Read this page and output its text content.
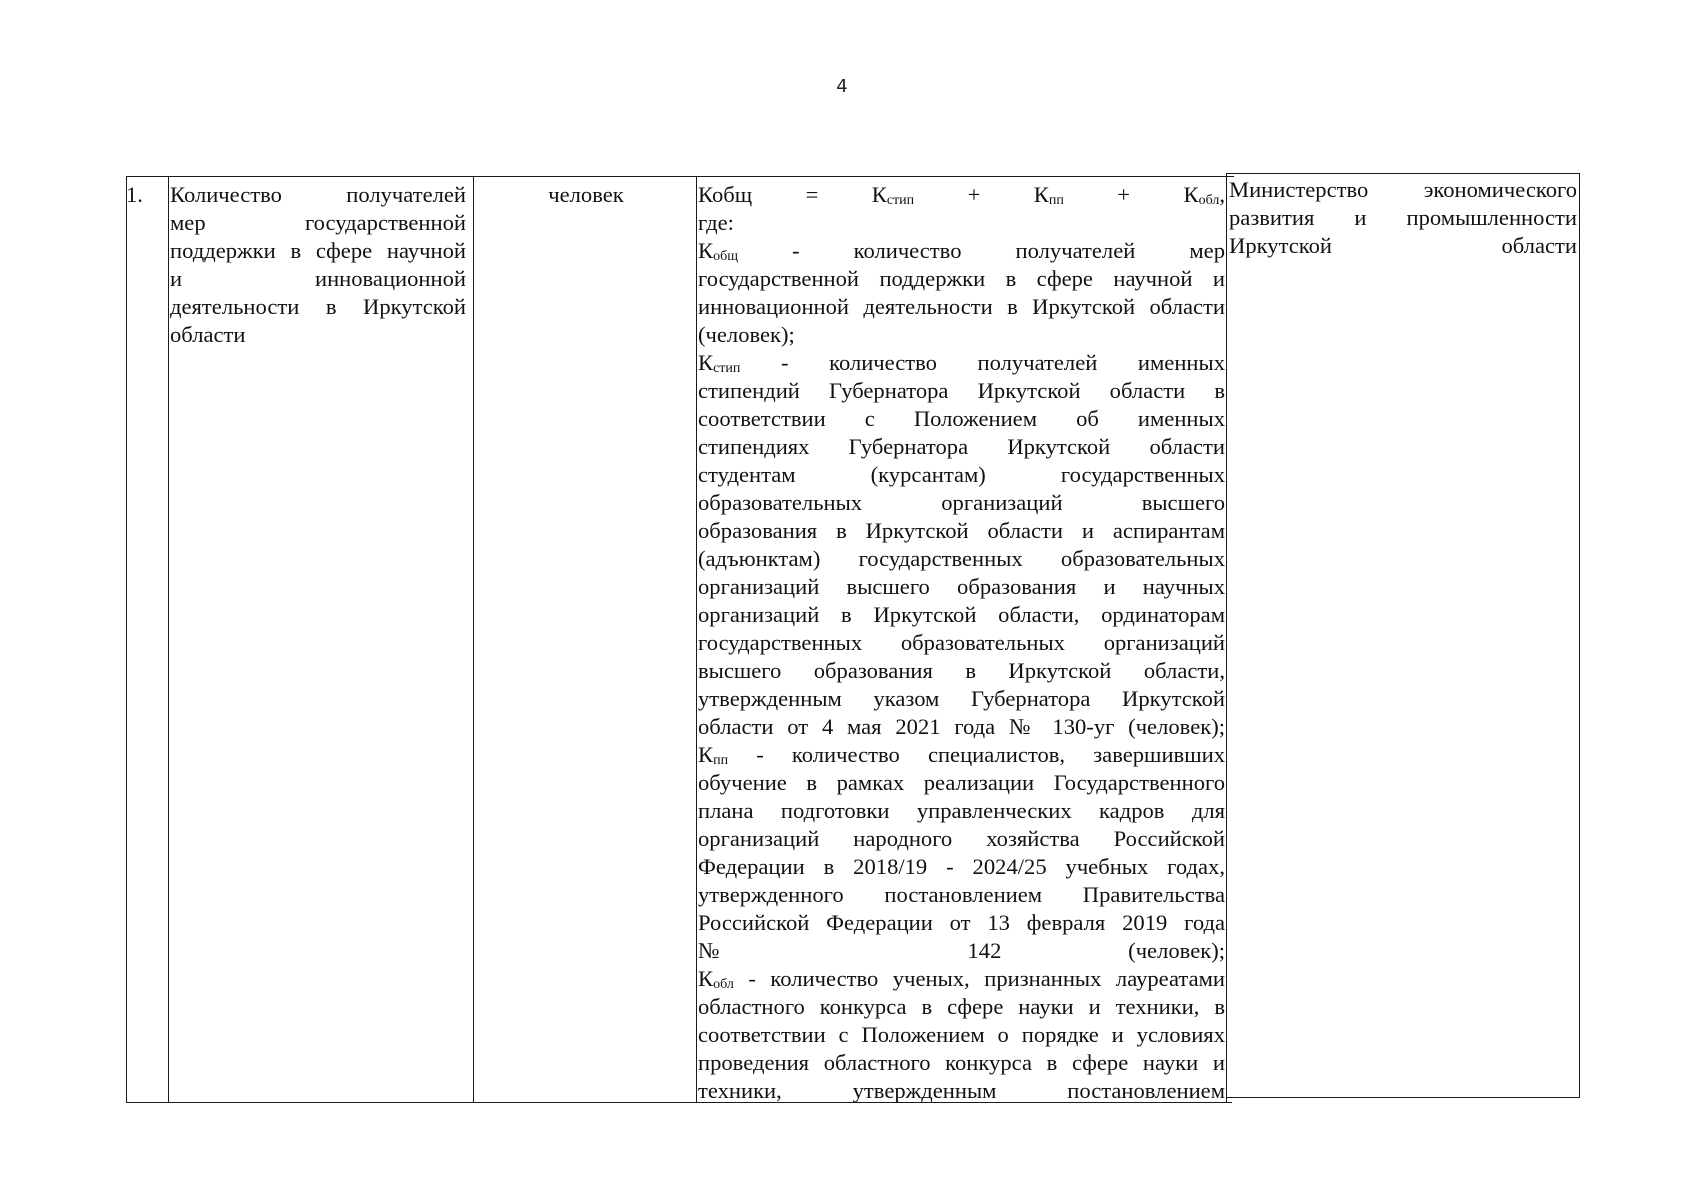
4
1.	Количество получателей
мер государственной
поддержки в сфере научной
и инновационной
деятельности в Иркутской
области
человек	Кобщ = $К_{стип} + К_{пп} + К_{обл}$,
где:
$К_{общ}$ - количество получателей мер
государственной поддержки в сфере научной и
инновационной деятельности в Иркутской области
(человек);
$К_{стип}$ - количество получателей именных
стипендий Губернатора Иркутской области в
соответствии с Положением об именных
стипендиях Губернатора Иркутской области
студентам (курсантам) государственных
образовательных организаций высшего
образования в Иркутской области и аспирантам
(адъюнктам) государственных образовательных
организаций высшего образования и научных
организаций в Иркутской области, ординаторам
государственных образовательных организаций
высшего образования в Иркутской области,
утвержденным указом Губернатора Иркутской
области от 4 мая 2021 года № 130-уг (человек);
$К_{пп}$ - количество специалистов, завершивших
обучение в рамках реализации Государственного
плана подготовки управленческих кадров для
организаций народного хозяйства Российской
Федерации в 2018/19 - 2024/25 учебных годах,
утвержденного постановлением Правительства
Российской Федерации от 13 февраля 2019 года
№ 142 (человек);
$К_{обл}$ - количество ученых, признанных лауреатами
областного конкурса в сфере науки и техники, в
соответствии с Положением о порядке и условиях
проведения областного конкурса в сфере науки и
техники, утвержденным постановлением
Министерство экономического
развития и промышленности
Иркутской области
